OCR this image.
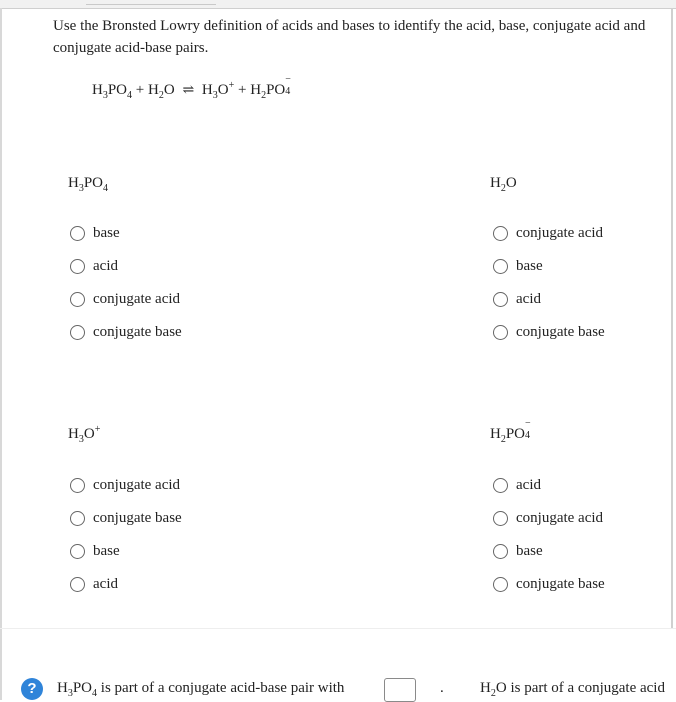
Use the Bronsted Lowry definition of acids and bases to identify the acid, base, conjugate acid and
conjugate acid-base pairs.
$H_3PO_4 + H_2O$ ⇌ $H_3O^+ + H_2PO$
−
4
$H_3PO_4$
base
acid
conjugate acid
conjugate base
$H_2O$
conjugate acid
base
acid
conjugate base
$H_3O^+$
conjugate acid
conjugate base
base
acid
$H_2PO$
−
4
acid
conjugate acid
base
conjugate base
?	$H_3PO_4$ is part of a conjugate acid-base pair with	. $H_2O$ is part of a conjugate acid
